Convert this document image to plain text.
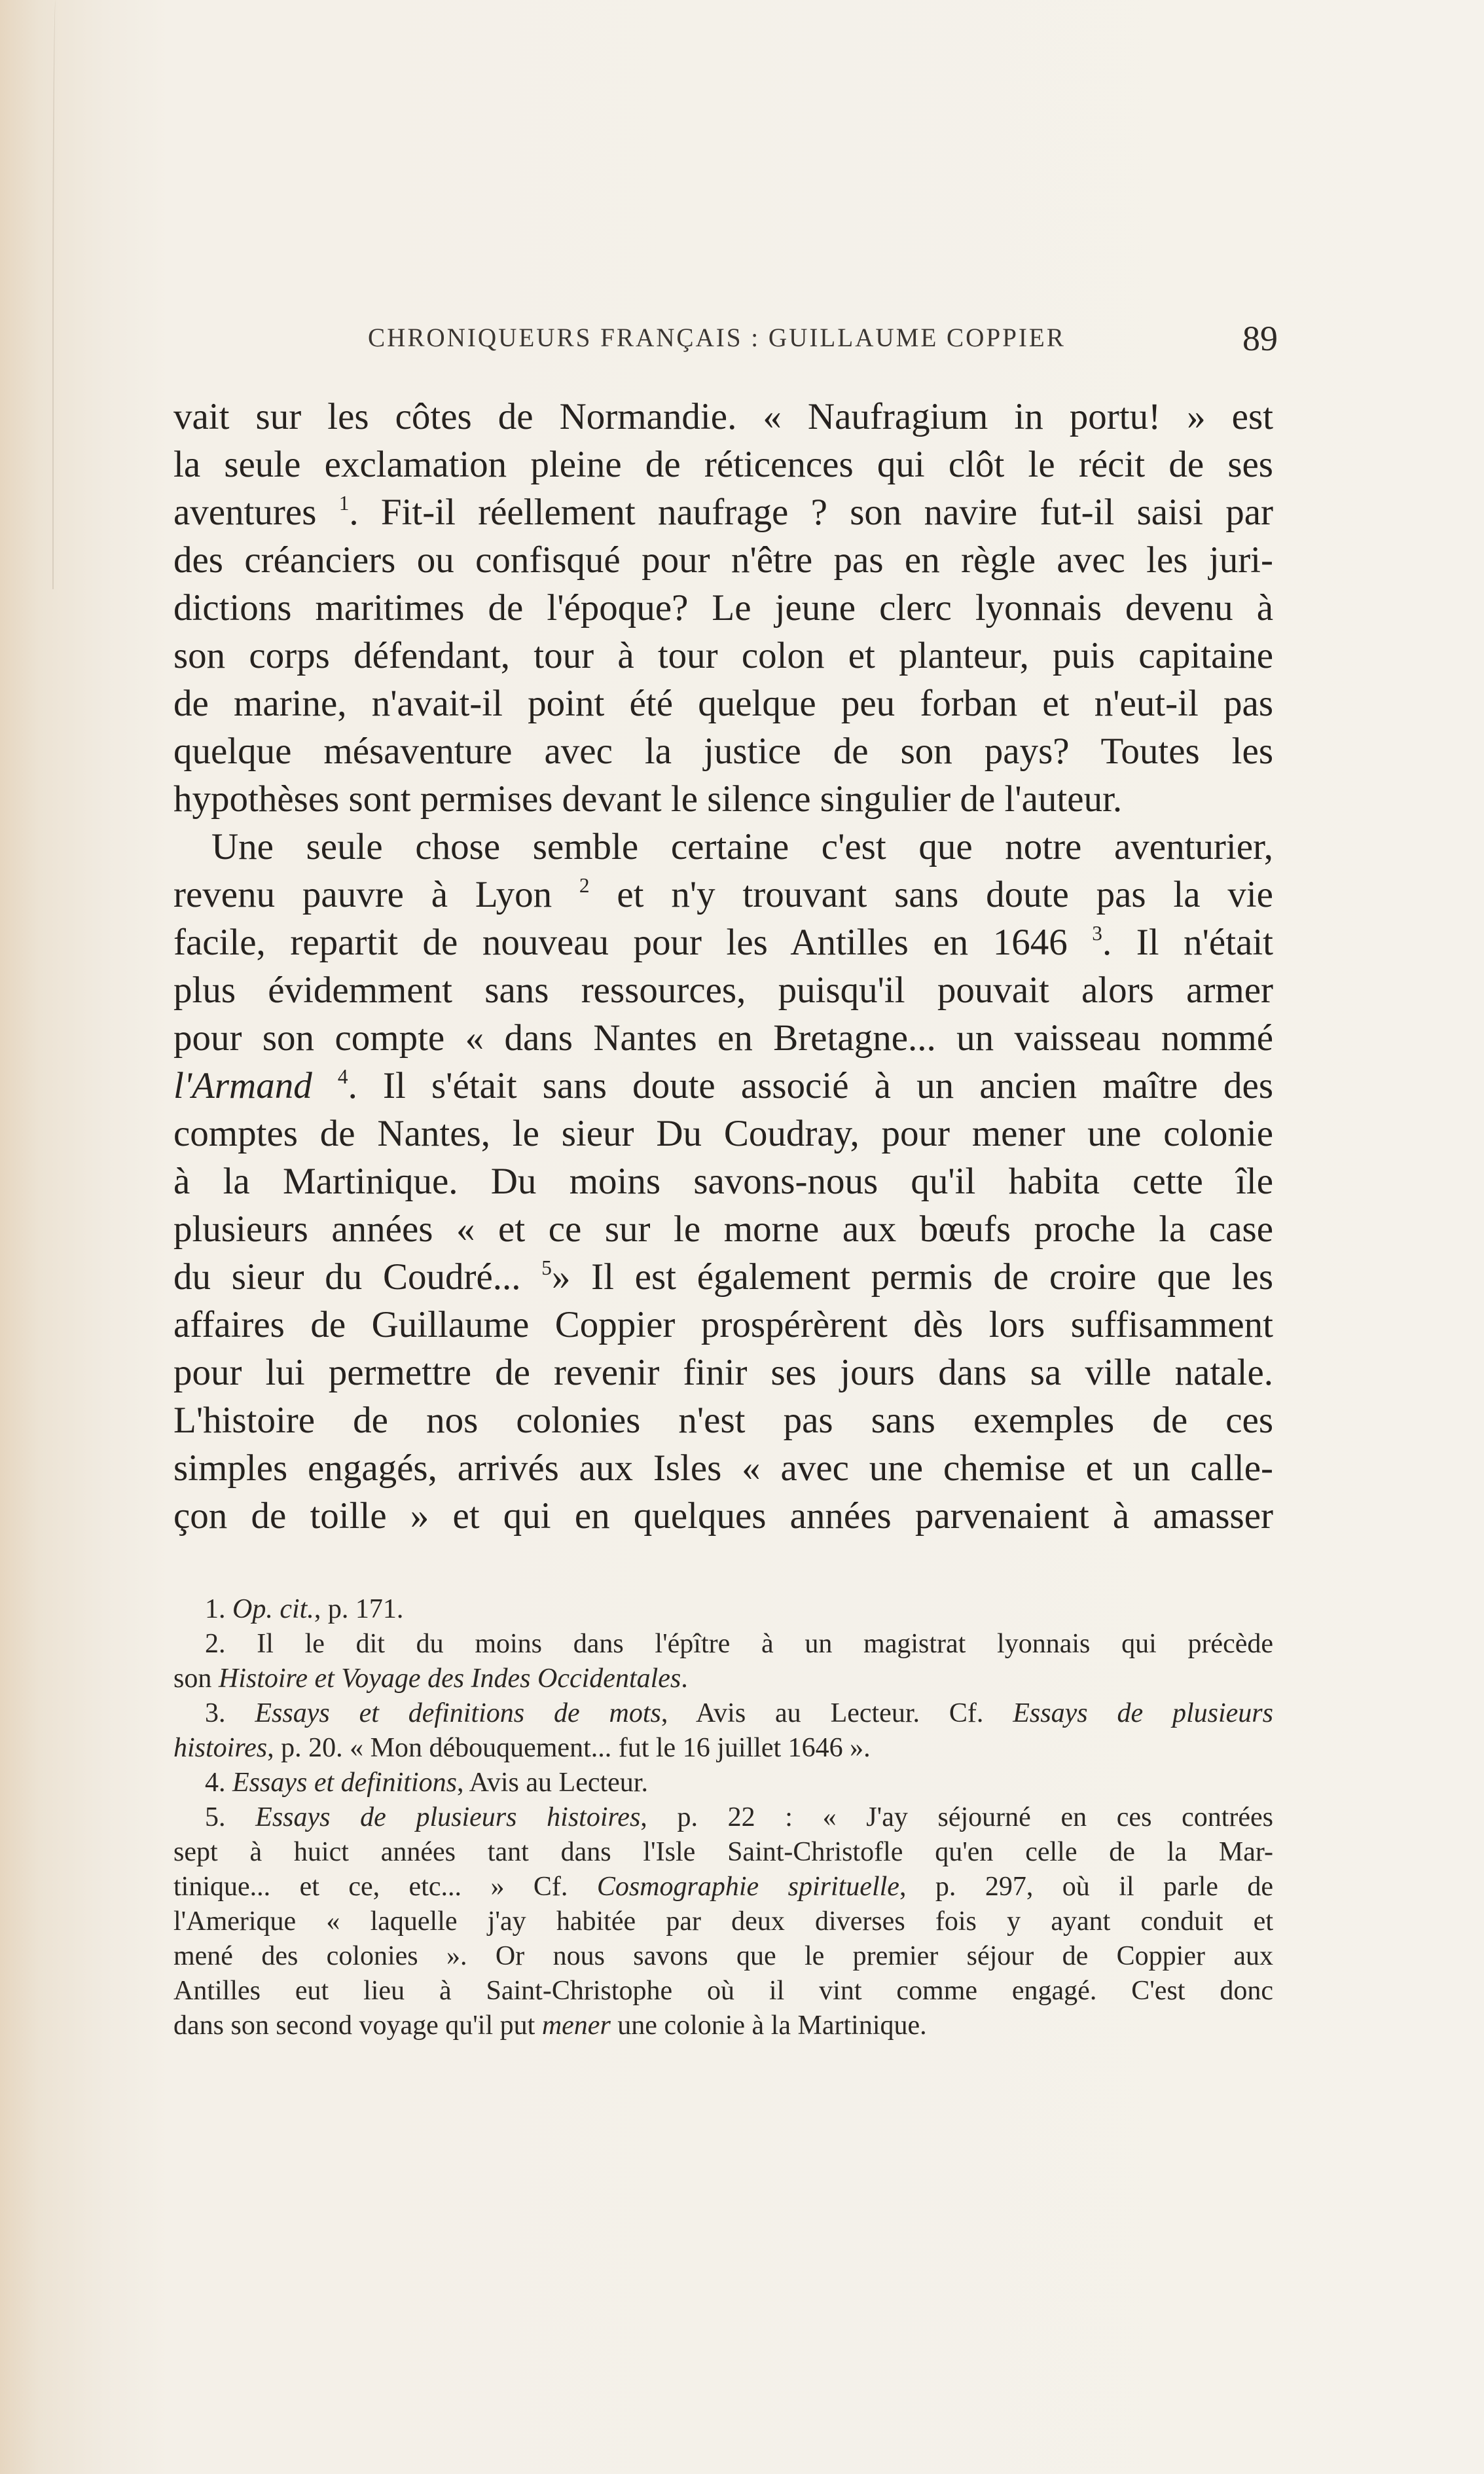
CHRONIQUEURS FRANÇAIS : GUILLAUME COPPIER	89
vait sur les côtes de Normandie. « Naufragium in portu! » est
la seule exclamation pleine de réticences qui clôt le récit de ses
aventures $^1$. Fit-il réellement naufrage ? son navire fut-il saisi par
des créanciers ou confisqué pour n'être pas en règle avec les juri-
dictions maritimes de l'époque? Le jeune clerc lyonnais devenu à
son corps défendant, tour à tour colon et planteur, puis capitaine
de marine, n'avait-il point été quelque peu forban et n'eut-il pas
quelque mésaventure avec la justice de son pays? Toutes les
hypothèses sont permises devant le silence singulier de l'auteur.
Une seule chose semble certaine c'est que notre aventurier,
revenu pauvre à Lyon $^2$ et n'y trouvant sans doute pas la vie
facile, repartit de nouveau pour les Antilles en 1646 $^3$. Il n'était
plus évidemment sans ressources, puisqu'il pouvait alors armer
pour son compte « dans Nantes en Bretagne... un vaisseau nommé
l'Armand $^4$. Il s'était sans doute associé à un ancien maître des
comptes de Nantes, le sieur Du Coudray, pour mener une colonie
à la Martinique. Du moins savons-nous qu'il habita cette île
plusieurs années « et ce sur le morne aux bœufs proche la case
du sieur du Coudré... $^5$» Il est également permis de croire que les
affaires de Guillaume Coppier prospérèrent dès lors suffisamment
pour lui permettre de revenir finir ses jours dans sa ville natale.
L'histoire de nos colonies n'est pas sans exemples de ces
simples engagés, arrivés aux Isles « avec une chemise et un calle-
çon de toille » et qui en quelques années parvenaient à amasser
1. Op. cit., p. 171.
2. Il le dit du moins dans l'épître à un magistrat lyonnais qui précède
son Histoire et Voyage des Indes Occidentales.
3. Essays et definitions de mots, Avis au Lecteur. Cf. Essays de plusieurs
histoires, p. 20. « Mon débouquement... fut le 16 juillet 1646 ».
4. Essays et definitions, Avis au Lecteur.
5. Essays de plusieurs histoires, p. 22 : « J'ay séjourné en ces contrées
sept à huict années tant dans l'Isle Saint-Christofle qu'en celle de la Mar-
tinique... et ce, etc... » Cf. Cosmographie spirituelle, p. 297, où il parle de
l'Amerique « laquelle j'ay habitée par deux diverses fois y ayant conduit et
mené des colonies ». Or nous savons que le premier séjour de Coppier aux
Antilles eut lieu à Saint-Christophe où il vint comme engagé. C'est donc
dans son second voyage qu'il put mener une colonie à la Martinique.
